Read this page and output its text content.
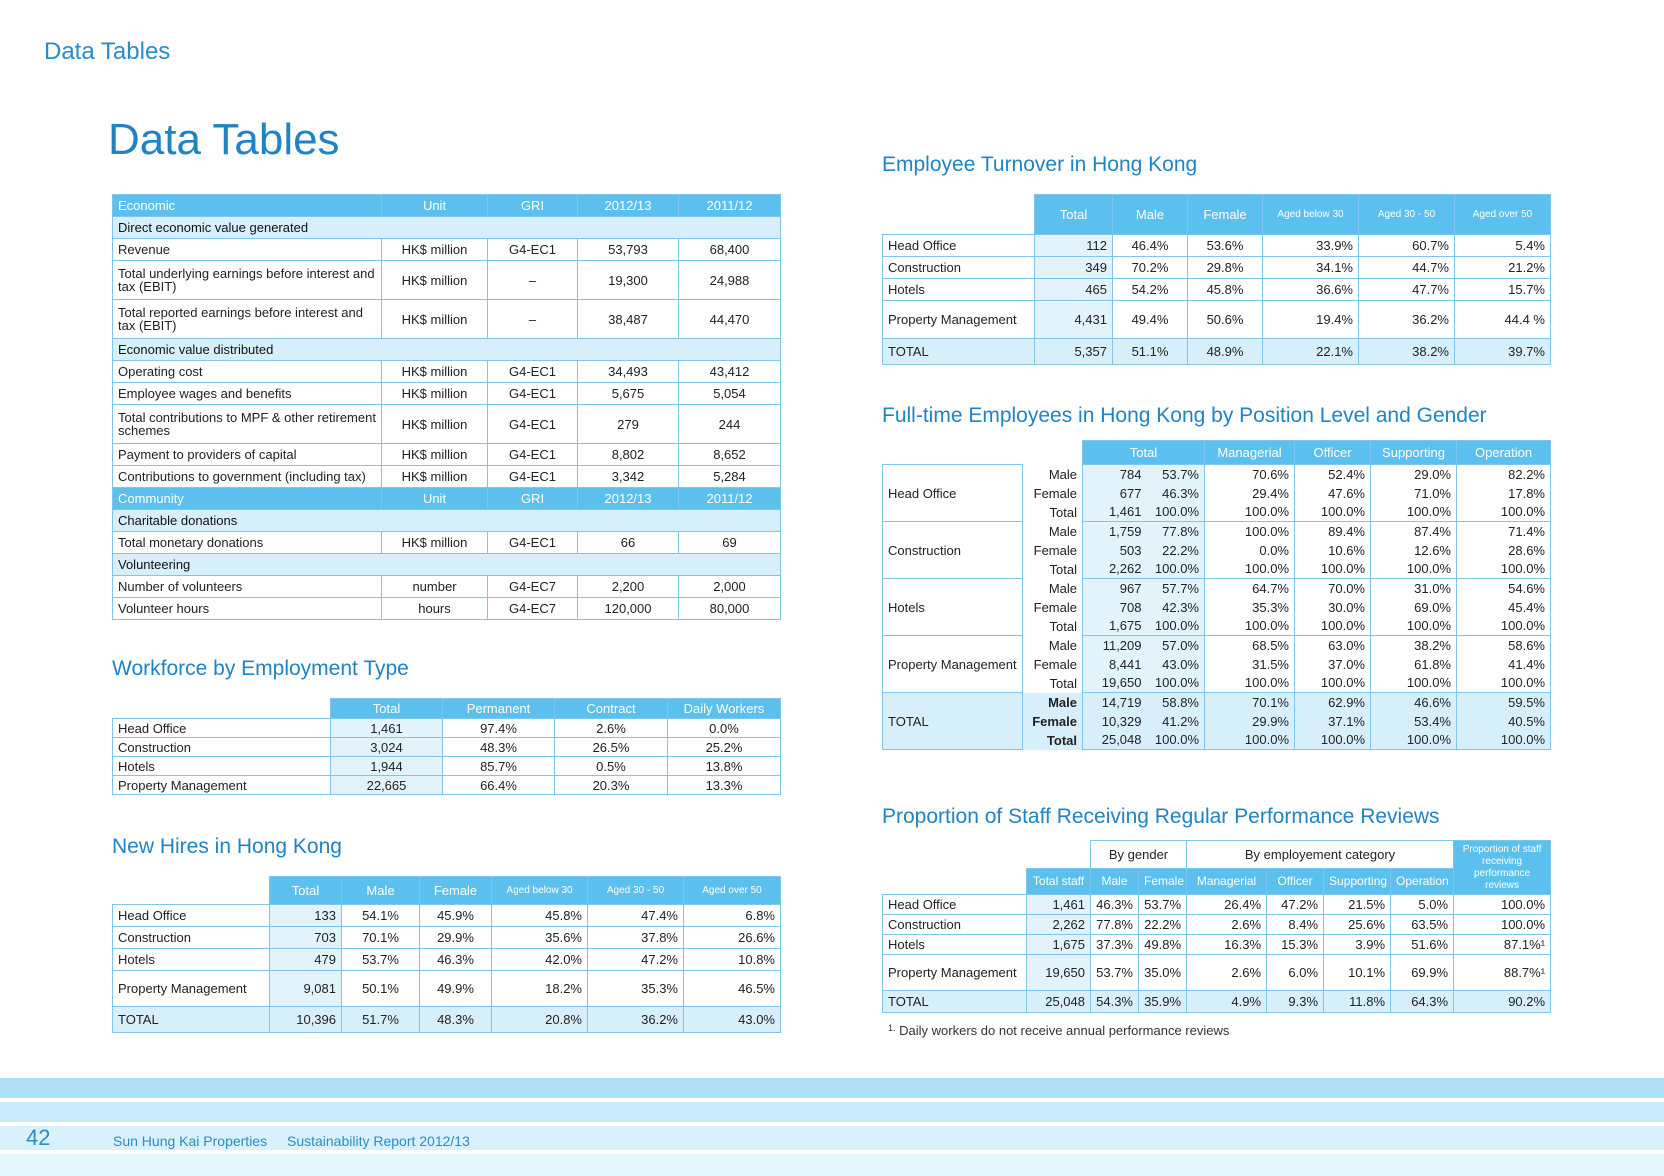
Data Tables
Data Tables
Economic	Unit	GRI	2012/13	2011/12
Direct economic value generated				
Revenue	HK$ million	G4-EC1	53,793	68,400
Total underlying earnings before interest and tax (EBIT)	HK$ million	–	19,300	24,988
Total reported earnings before interest and tax (EBIT)	HK$ million	–	38,487	44,470
Economic value distributed				
Operating cost	HK$ million	G4-EC1	34,493	43,412
Employee wages and benefits	HK$ million	G4-EC1	5,675	5,054
Total contributions to MPF & other retirement schemes	HK$ million	G4-EC1	279	244
Payment to providers of capital	HK$ million	G4-EC1	8,802	8,652
Contributions to government (including tax)	HK$ million	G4-EC1	3,342	5,284
Community	Unit	GRI	2012/13	2011/12
Charitable donations				
Total monetary donations	HK$ million	G4-EC1	66	69
Volunteering				
Number of volunteers	number	G4-EC7	2,200	2,000
Volunteer hours	hours	G4-EC7	120,000	80,000
Workforce by Employment Type
	Total	Permanent	Contract	Daily Workers
Head Office	1,461	97.4%	2.6%	0.0%
Construction	3,024	48.3%	26.5%	25.2%
Hotels	1,944	85.7%	0.5%	13.8%
Property Management	22,665	66.4%	20.3%	13.3%
New Hires in Hong Kong
	Total	Male	Female	Aged below 30	Aged 30 - 50	Aged over 50
Head Office	133	54.1%	45.9%	45.8%	47.4%	6.8%
Construction	703	70.1%	29.9%	35.6%	37.8%	26.6%
Hotels	479	53.7%	46.3%	42.0%	47.2%	10.8%
Property Management	9,081	50.1%	49.9%	18.2%	35.3%	46.5%
TOTAL	10,396	51.7%	48.3%	20.8%	36.2%	43.0%
Employee Turnover in Hong Kong
	Total	Male	Female	Aged below 30	Aged 30 - 50	Aged over 50
Head Office	112	46.4%	53.6%	33.9%	60.7%	5.4%
Construction	349	70.2%	29.8%	34.1%	44.7%	21.2%
Hotels	465	54.2%	45.8%	36.6%	47.7%	15.7%
Property Management	4,431	49.4%	50.6%	19.4%	36.2%	44.4 %
TOTAL	5,357	51.1%	48.9%	22.1%	38.2%	39.7%
Full-time Employees in Hong Kong by Position Level and Gender
		Total		Managerial	Officer	Supporting	Operation
Head Office	Male	784	53.7%	70.6%	52.4%	29.0%	82.2%
	Female	677	46.3%	29.4%	47.6%	71.0%	17.8%
	Total	1,461	100.0%	100.0%	100.0%	100.0%	100.0%
Construction	Male	1,759	77.8%	100.0%	89.4%	87.4%	71.4%
	Female	503	22.2%	0.0%	10.6%	12.6%	28.6%
	Total	2,262	100.0%	100.0%	100.0%	100.0%	100.0%
Hotels	Male	967	57.7%	64.7%	70.0%	31.0%	54.6%
	Female	708	42.3%	35.3%	30.0%	69.0%	45.4%
	Total	1,675	100.0%	100.0%	100.0%	100.0%	100.0%
Property Management	Male	11,209	57.0%	68.5%	63.0%	38.2%	58.6%
	Female	8,441	43.0%	31.5%	37.0%	61.8%	41.4%
	Total	19,650	100.0%	100.0%	100.0%	100.0%	100.0%
TOTAL	Male	14,719	58.8%	70.1%	62.9%	46.6%	59.5%
	Female	10,329	41.2%	29.9%	37.1%	53.4%	40.5%
	Total	25,048	100.0%	100.0%	100.0%	100.0%	100.0%
Proportion of Staff Receiving Regular Performance Reviews
		By gender		By employement category				Proportion of staff receiving performance reviews
	Total staff	Male	Female	Managerial	Officer	Supporting	Operation	
Head Office	1,461	46.3%	53.7%	26.4%	47.2%	21.5%	5.0%	100.0%
Construction	2,262	77.8%	22.2%	2.6%	8.4%	25.6%	63.5%	100.0%
Hotels	1,675	37.3%	49.8%	16.3%	15.3%	3.9%	51.6%	87.1%¹
Property Management	19,650	53.7%	35.0%	2.6%	6.0%	10.1%	69.9%	88.7%¹
TOTAL	25,048	54.3%	35.9%	4.9%	9.3%	11.8%	64.3%	90.2%
$^{1.}$ Daily workers do not receive annual performance reviews
42	Sun Hung Kai Properties Sustainability Report 2012/13
